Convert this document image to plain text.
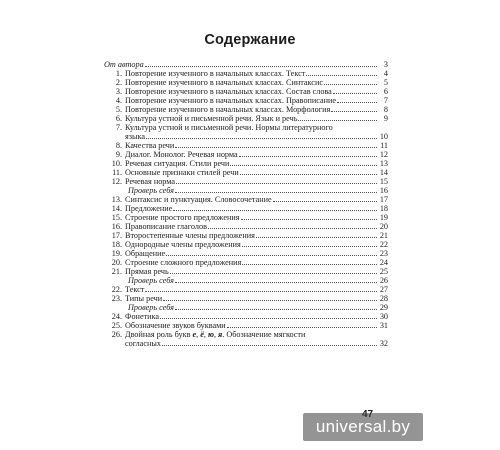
Содержание
От автора	3
1. Повторение изученного в начальных классах. Текст	4
2. Повторение изученного в начальных классах. Синтаксис	5
3. Повторение изученного в начальных классах. Состав слова	6
4. Повторение изученного в начальных классах. Правописание	7
5. Повторение изученного в начальных классах. Морфология	8
6. Культура устной и письменной речи. Язык и речь	9
7. Культура устной и письменной речи. Нормы литературного
языка	10
8. Качества речи	11
9. Диалог. Монолог. Речевая норма	12
10. Речевая ситуация. Стили речи	13
11. Основные признаки стилей речи	14
12. Речевая норма	15
Проверь себя	16
13. Синтаксис и пунктуация. Словосочетание	17
14. Предложение	18
15. Строение простого предложения	19
16. Правописание глаголов	20
17. Второстепенные члены предложения	21
18. Однородные члены предложения	22
19. Обращение	23
20. Строение сложного предложения	24
21. Прямая речь	25
Проверь себя	26
22. Текст	27
23. Типы речи	28
Проверь себя	29
24. Фонетика	30
25. Обозначение звуков буквами	31
26. Двойная роль букв е, ё, ю, я. Обозначение мягкости
согласных	32
universal.by
